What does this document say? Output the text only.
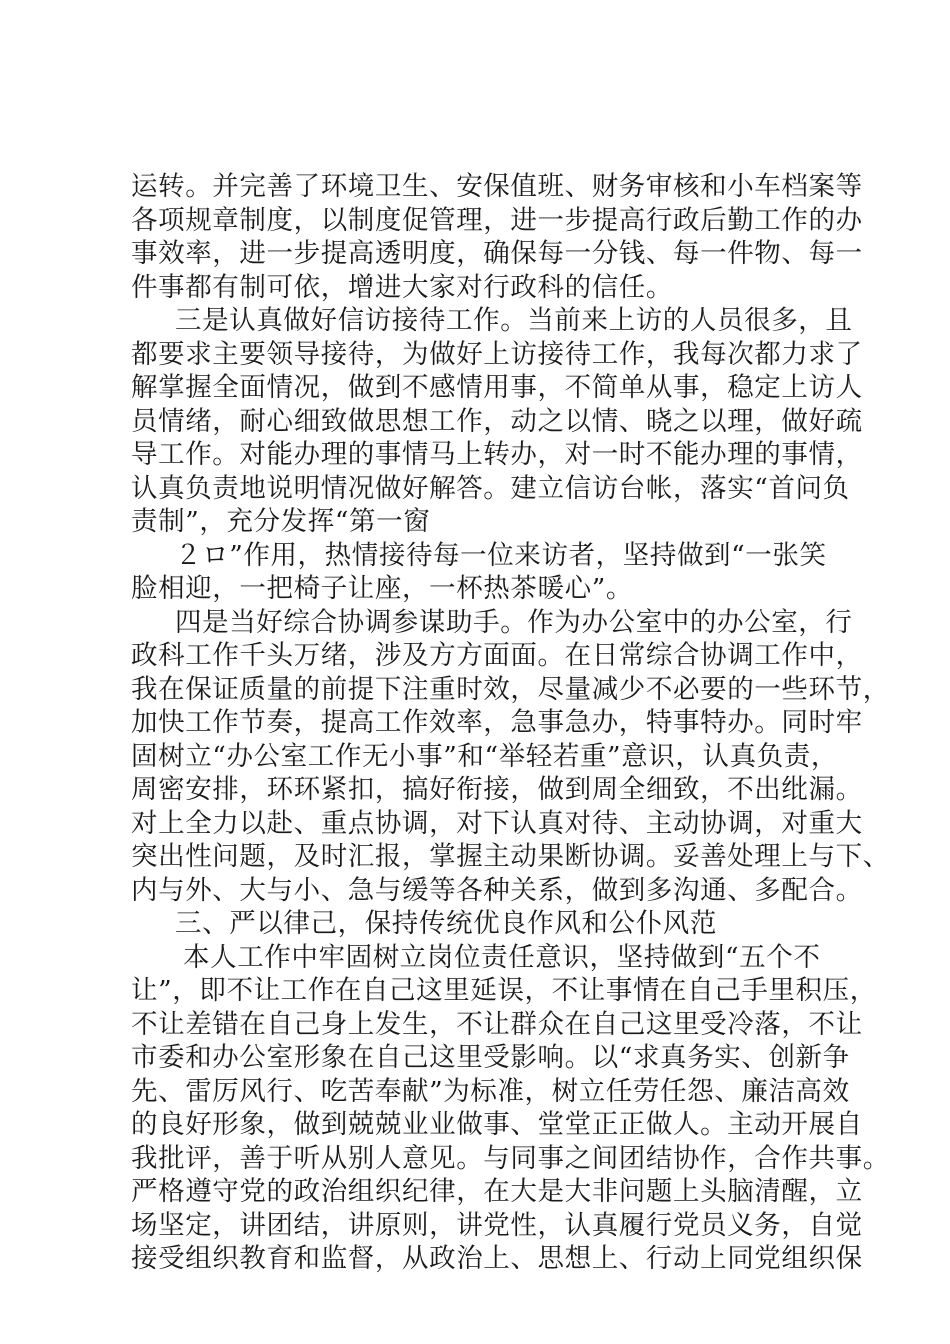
运转。并完善了环境卫生、安保值班、财务审核和小车档案等
各项规章制度，以制度促管理，进一步提高行政后勤工作的办
事效率，进一步提高透明度，确保每一分钱、每一件物、每一
件事都有制可依，增进大家对行政科的信任。
三是认真做好信访接待工作。当前来上访的人员很多，且
都要求主要领导接待，为做好上访接待工作，我每次都力求了
解掌握全面情况，做到不感情用事，不简单从事，稳定上访人
员情绪，耐心细致做思想工作，动之以情、晓之以理，做好疏
导工作。对能办理的事情马上转办，对一时不能办理的事情，
认真负责地说明情况做好解答。建立信访台帐，落实“首问负
责制”，充分发挥“第一窗
２ロ”作用，热情接待每一位来访者，坚持做到“一张笑
脸相迎，一把椅子让座，一杯热茶暖心”。
四是当好综合协调参谋助手。作为办公室中的办公室，行
政科工作千头万绪，涉及方方面面。在日常综合协调工作中，
我在保证质量的前提下注重时效，尽量减少不必要的一些环节，
加快工作节奏，提高工作效率，急事急办，特事特办。同时牢
固树立“办公室工作无小事”和“举轻若重”意识，认真负责，
周密安排，环环紧扣，搞好衔接，做到周全细致，不出纰漏。
对上全力以赴、重点协调，对下认真对待、主动协调，对重大
突出性问题，及时汇报，掌握主动果断协调。妥善处理上与下、
内与外、大与小、急与缓等各种关系，做到多沟通、多配合。
三、严以律己，保持传统优良作风和公仆风范
本人工作中牢固树立岗位责任意识，坚持做到“五个不
让”，即不让工作在自己这里延误，不让事情在自己手里积压，
不让差错在自己身上发生，不让群众在自己这里受冷落，不让
市委和办公室形象在自己这里受影响。以“求真务实、创新争
先、雷厉风行、吃苦奉献”为标准，树立任劳任怨、廉洁高效
的良好形象，做到兢兢业业做事、堂堂正正做人。主动开展自
我批评，善于听从别人意见。与同事之间团结协作，合作共事。
严格遵守党的政治组织纪律，在大是大非问题上头脑清醒，立
场坚定，讲团结，讲原则，讲党性，认真履行党员义务，自觉
接受组织教育和监督，从政治上、思想上、行动上同党组织保
